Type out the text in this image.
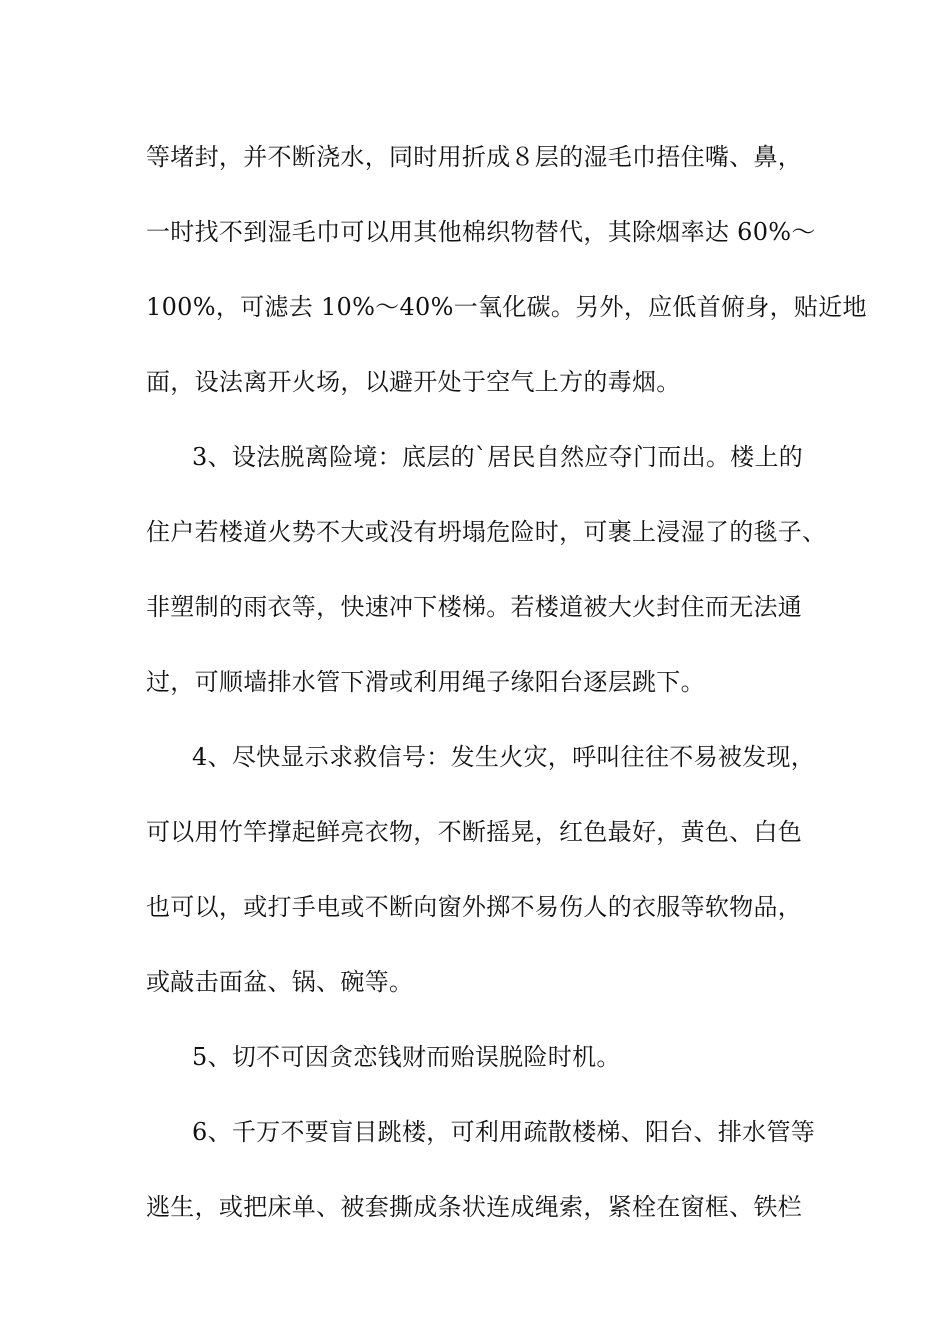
等堵封，并不断浇水，同时用折成８层的湿毛巾捂住嘴、鼻，
一时找不到湿毛巾可以用其他棉织物替代，其除烟率达 60%～
100%，可滤去 10%～40%一氧化碳。另外，应低首俯身，贴近地
面，设法离开火场，以避开处于空气上方的毒烟。
3、设法脱离险境：底层的`居民自然应夺门而出。楼上的
住户若楼道火势不大或没有坍塌危险时，可裹上浸湿了的毯子、
非塑制的雨衣等，快速冲下楼梯。若楼道被大火封住而无法通
过，可顺墙排水管下滑或利用绳子缘阳台逐层跳下。
4、尽快显示求救信号：发生火灾，呼叫往往不易被发现，
可以用竹竿撑起鲜亮衣物，不断摇晃，红色最好，黄色、白色
也可以，或打手电或不断向窗外掷不易伤人的衣服等软物品，
或敲击面盆、锅、碗等。
5、切不可因贪恋钱财而贻误脱险时机。
6、千万不要盲目跳楼，可利用疏散楼梯、阳台、排水管等
逃生，或把床单、被套撕成条状连成绳索，紧栓在窗框、铁栏
